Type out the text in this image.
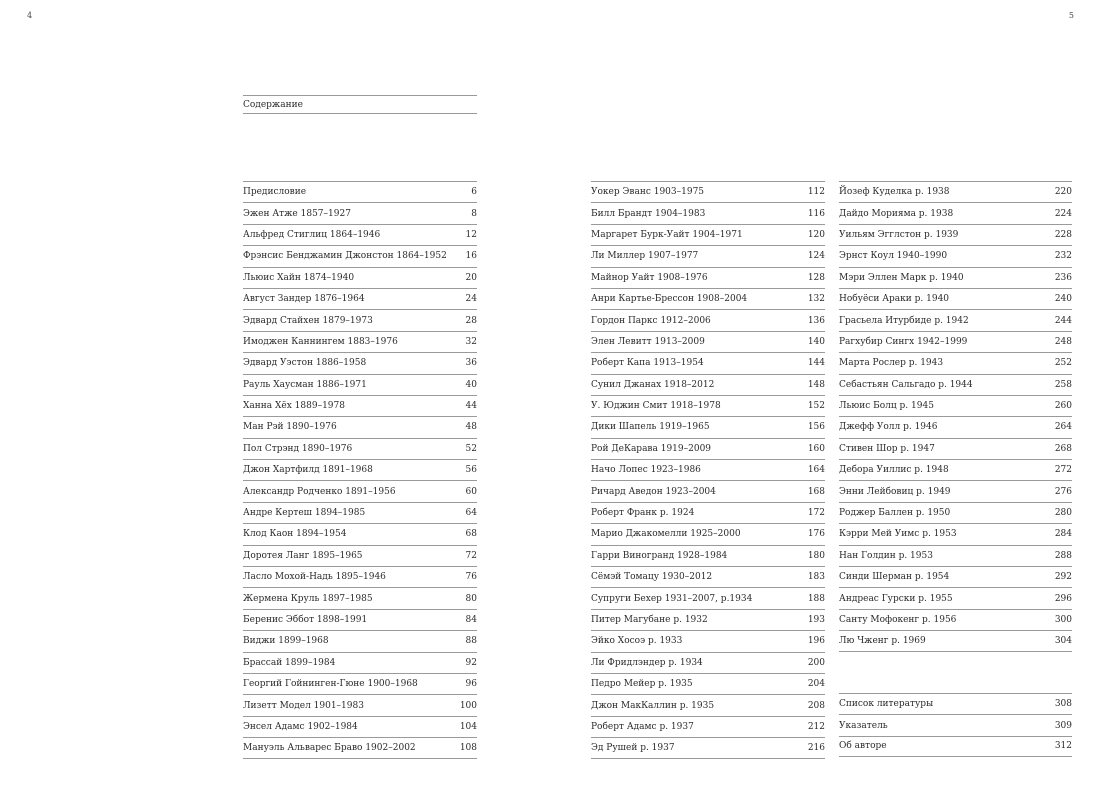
4	5
Содержание
Предисловие	6
Эжен Атже 1857–1927	8
Альфред Стиглиц 1864–1946	12
Фрэнсис Бенджамин Джонстон 1864–1952 16
Льюис Хайн 1874–1940	20
Август Зандер 1876–1964	24
Эдвард Стайхен 1879–1973	28
Имоджен Каннингем 1883–1976	32
Эдвард Уэстон 1886–1958	36
Рауль Хаусман 1886–1971	40
Ханна Хёх 1889–1978	44
Ман Рэй 1890–1976	48
Пол Стрэнд 1890–1976	52
Джон Хартфилд 1891–1968	56
Александр Родченко 1891–1956	60
Андре Кертеш 1894–1985	64
Клод Каон 1894–1954	68
Доротея Ланг 1895–1965	72
Ласло Мохой-Надь 1895–1946	76
Жермена Круль 1897–1985	80
Беренис Эббот 1898–1991	84
Виджи 1899–1968	88
Брассай 1899–1984	92
Георгий Гойнинген-Гюне 1900–1968	96
Лизетт Модел 1901–1983	100
Энсел Адамс 1902–1984	104
Мануэль Альварес Браво 1902–2002	108
Уокер Эванс 1903–1975	112
Билл Брандт 1904–1983	116
Маргарет Бурк-Уайт 1904–1971	120
Ли Миллер 1907–1977	124
Майнор Уайт 1908–1976	128
Анри Картье-Брессон 1908–2004	132
Гордон Паркс 1912–2006	136
Элен Левитт 1913–2009	140
Роберт Капа 1913–1954	144
Сунил Джанах 1918–2012	148
У. Юджин Смит 1918–1978	152
Дики Шапель 1919–1965	156
Рой ДеКарава 1919–2009	160
Начо Лопес 1923–1986	164
Ричард Аведон 1923–2004	168
Роберт Франк р. 1924	172
Марио Джакомелли 1925–2000	176
Гарри Виногранд 1928–1984	180
Сёмэй Томацу 1930–2012	183
Супруги Бехер 1931–2007, р.1934	188
Питер Магубане р. 1932	193
Эйко Хосоэ р. 1933	196
Ли Фридлэндер р. 1934	200
Педро Мейер р. 1935	204
Джон МакКаллин р. 1935	208
Роберт Адамс р. 1937	212
Эд Рушей р. 1937	216
Йозеф Куделка р. 1938	220
Дайдо Морияма р. 1938	224
Уильям Эгглстон р. 1939	228
Эрнст Коул 1940–1990	232
Мэри Эллен Марк р. 1940	236
Нобуёси Араки р. 1940	240
Грасьела Итурбиде р. 1942	244
Рагхубир Сингх 1942–1999	248
Марта Рослер р. 1943	252
Себастьян Сальгадо р. 1944	258
Льюис Болц р. 1945	260
Джефф Уолл р. 1946	264
Стивен Шор р. 1947	268
Дебора Уиллис р. 1948	272
Энни Лейбовиц р. 1949	276
Роджер Баллен р. 1950	280
Кэрри Мей Уимс р. 1953	284
Нан Голдин р. 1953	288
Синди Шерман р. 1954	292
Андреас Гурски р. 1955	296
Санту Мофокенг р. 1956	300
Лю Чжeнг р. 1969	304
Список литературы	308
Указатель	309
Об авторе	312
